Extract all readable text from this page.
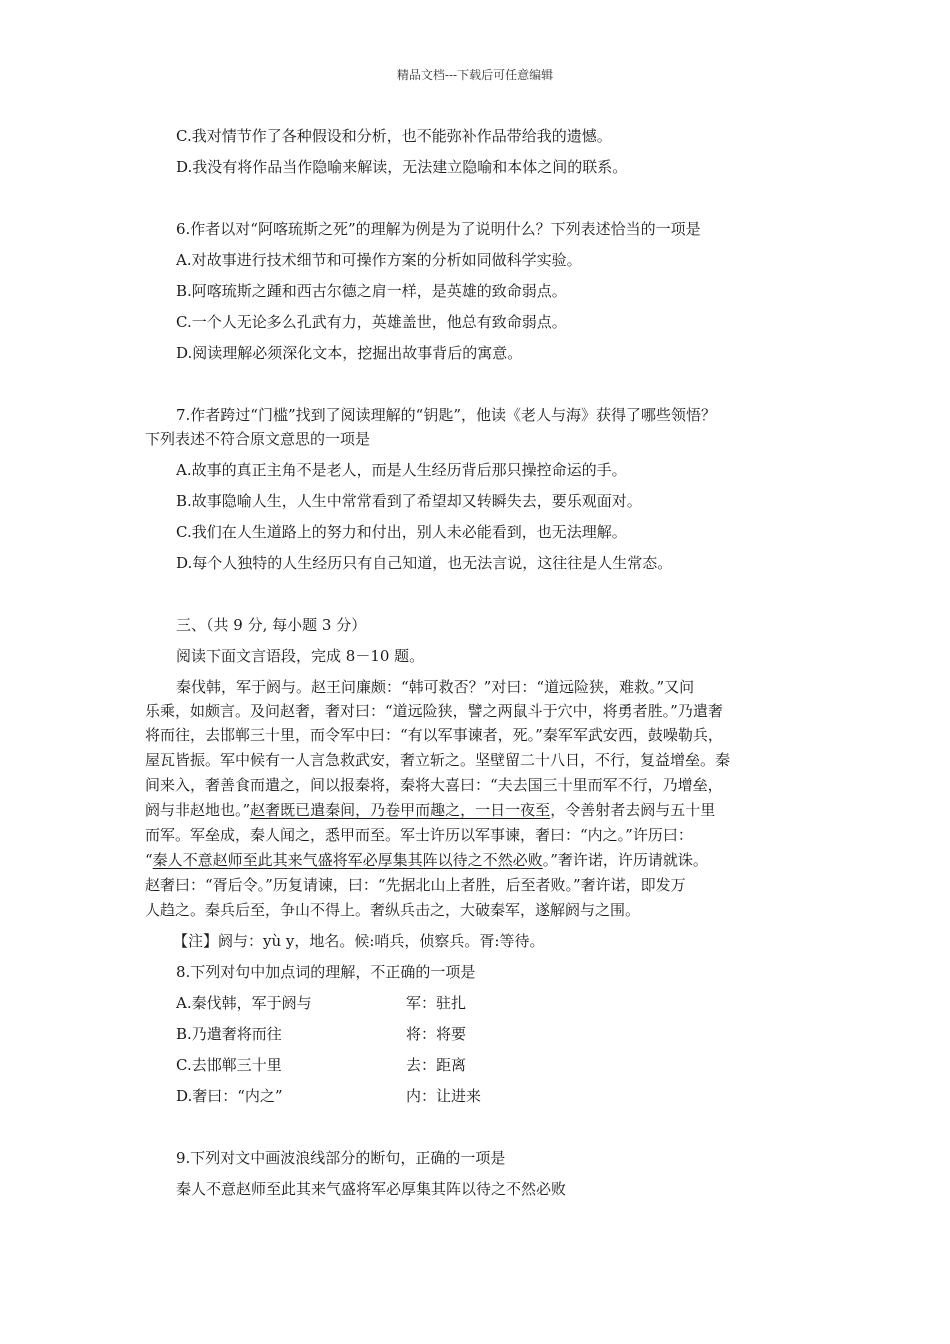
精品文档---下载后可任意编辑
C.我对情节作了各种假设和分析，也不能弥补作品带给我的遗憾。
D.我没有将作品当作隐喻来解读，无法建立隐喻和本体之间的联系。
6.作者以对“阿喀琉斯之死”的理解为例是为了说明什么？下列表述恰当的一项是
A.对故事进行技术细节和可操作方案的分析如同做科学实验。
B.阿喀琉斯之踵和西古尔德之肩一样，是英雄的致命弱点。
C.一个人无论多么孔武有力，英雄盖世，他总有致命弱点。
D.阅读理解必须深化文本，挖掘出故事背后的寓意。
7.作者跨过“门槛”找到了阅读理解的“钥匙”，他读《老人与海》获得了哪些领悟？
下列表述不符合原文意思的一项是
A.故事的真正主角不是老人，而是人生经历背后那只操控命运的手。
B.故事隐喻人生，人生中常常看到了希望却又转瞬失去，要乐观面对。
C.我们在人生道路上的努力和付出，别人未必能看到，也无法理解。
D.每个人独特的人生经历只有自己知道，也无法言说，这往往是人生常态。
三、（共 9 分, 每小题 3 分）
阅读下面文言语段，完成 8－10 题。
秦伐韩，军于阏与。赵王问廉颇：“韩可救否？”对曰：“道远险狭，难救。”又问
乐乘，如颇言。及问赵奢，奢对曰：“道远险狭，譬之两鼠斗于穴中，将勇者胜。”乃遣奢
将而往，去邯郸三十里，而令军中曰：“有以军事谏者，死。”秦军军武安西，鼓噪勒兵，
屋瓦皆振。军中候有一人言急救武安，奢立斩之。坚壁留二十八日，不行，复益增垒。秦
间来入，奢善食而遣之，间以报秦将，秦将大喜曰：“夫去国三十里而军不行，乃增垒，
阏与非赵地也。”赵奢既已遣秦间，乃卷甲而趣之，一日一夜至，令善射者去阏与五十里
而军。军垒成，秦人闻之，悉甲而至。军士许历以军事谏，奢曰：“内之。”许历曰：
“秦人不意赵师至此其来气盛将军必厚集其阵以待之不然必败。”奢许诺，许历请就诛。
赵奢曰：“胥后令。”历复请谏，曰：“先据北山上者胜，后至者败。”奢许诺，即发万
人趋之。秦兵后至，争山不得上。奢纵兵击之，大破秦军，遂解阏与之围。
【注】阏与：yù y，地名。候:哨兵，侦察兵。胥:等待。
8.下列对句中加点词的理解，不正确的一项是
A.秦伐韩，军于阏与	军：驻扎
B.乃遣奢将而往	将：将要
C.去邯郸三十里	去：距离
D.奢曰：“内之”	内：让进来
9.下列对文中画波浪线部分的断句，正确的一项是
秦人不意赵师至此其来气盛将军必厚集其阵以待之不然必败
